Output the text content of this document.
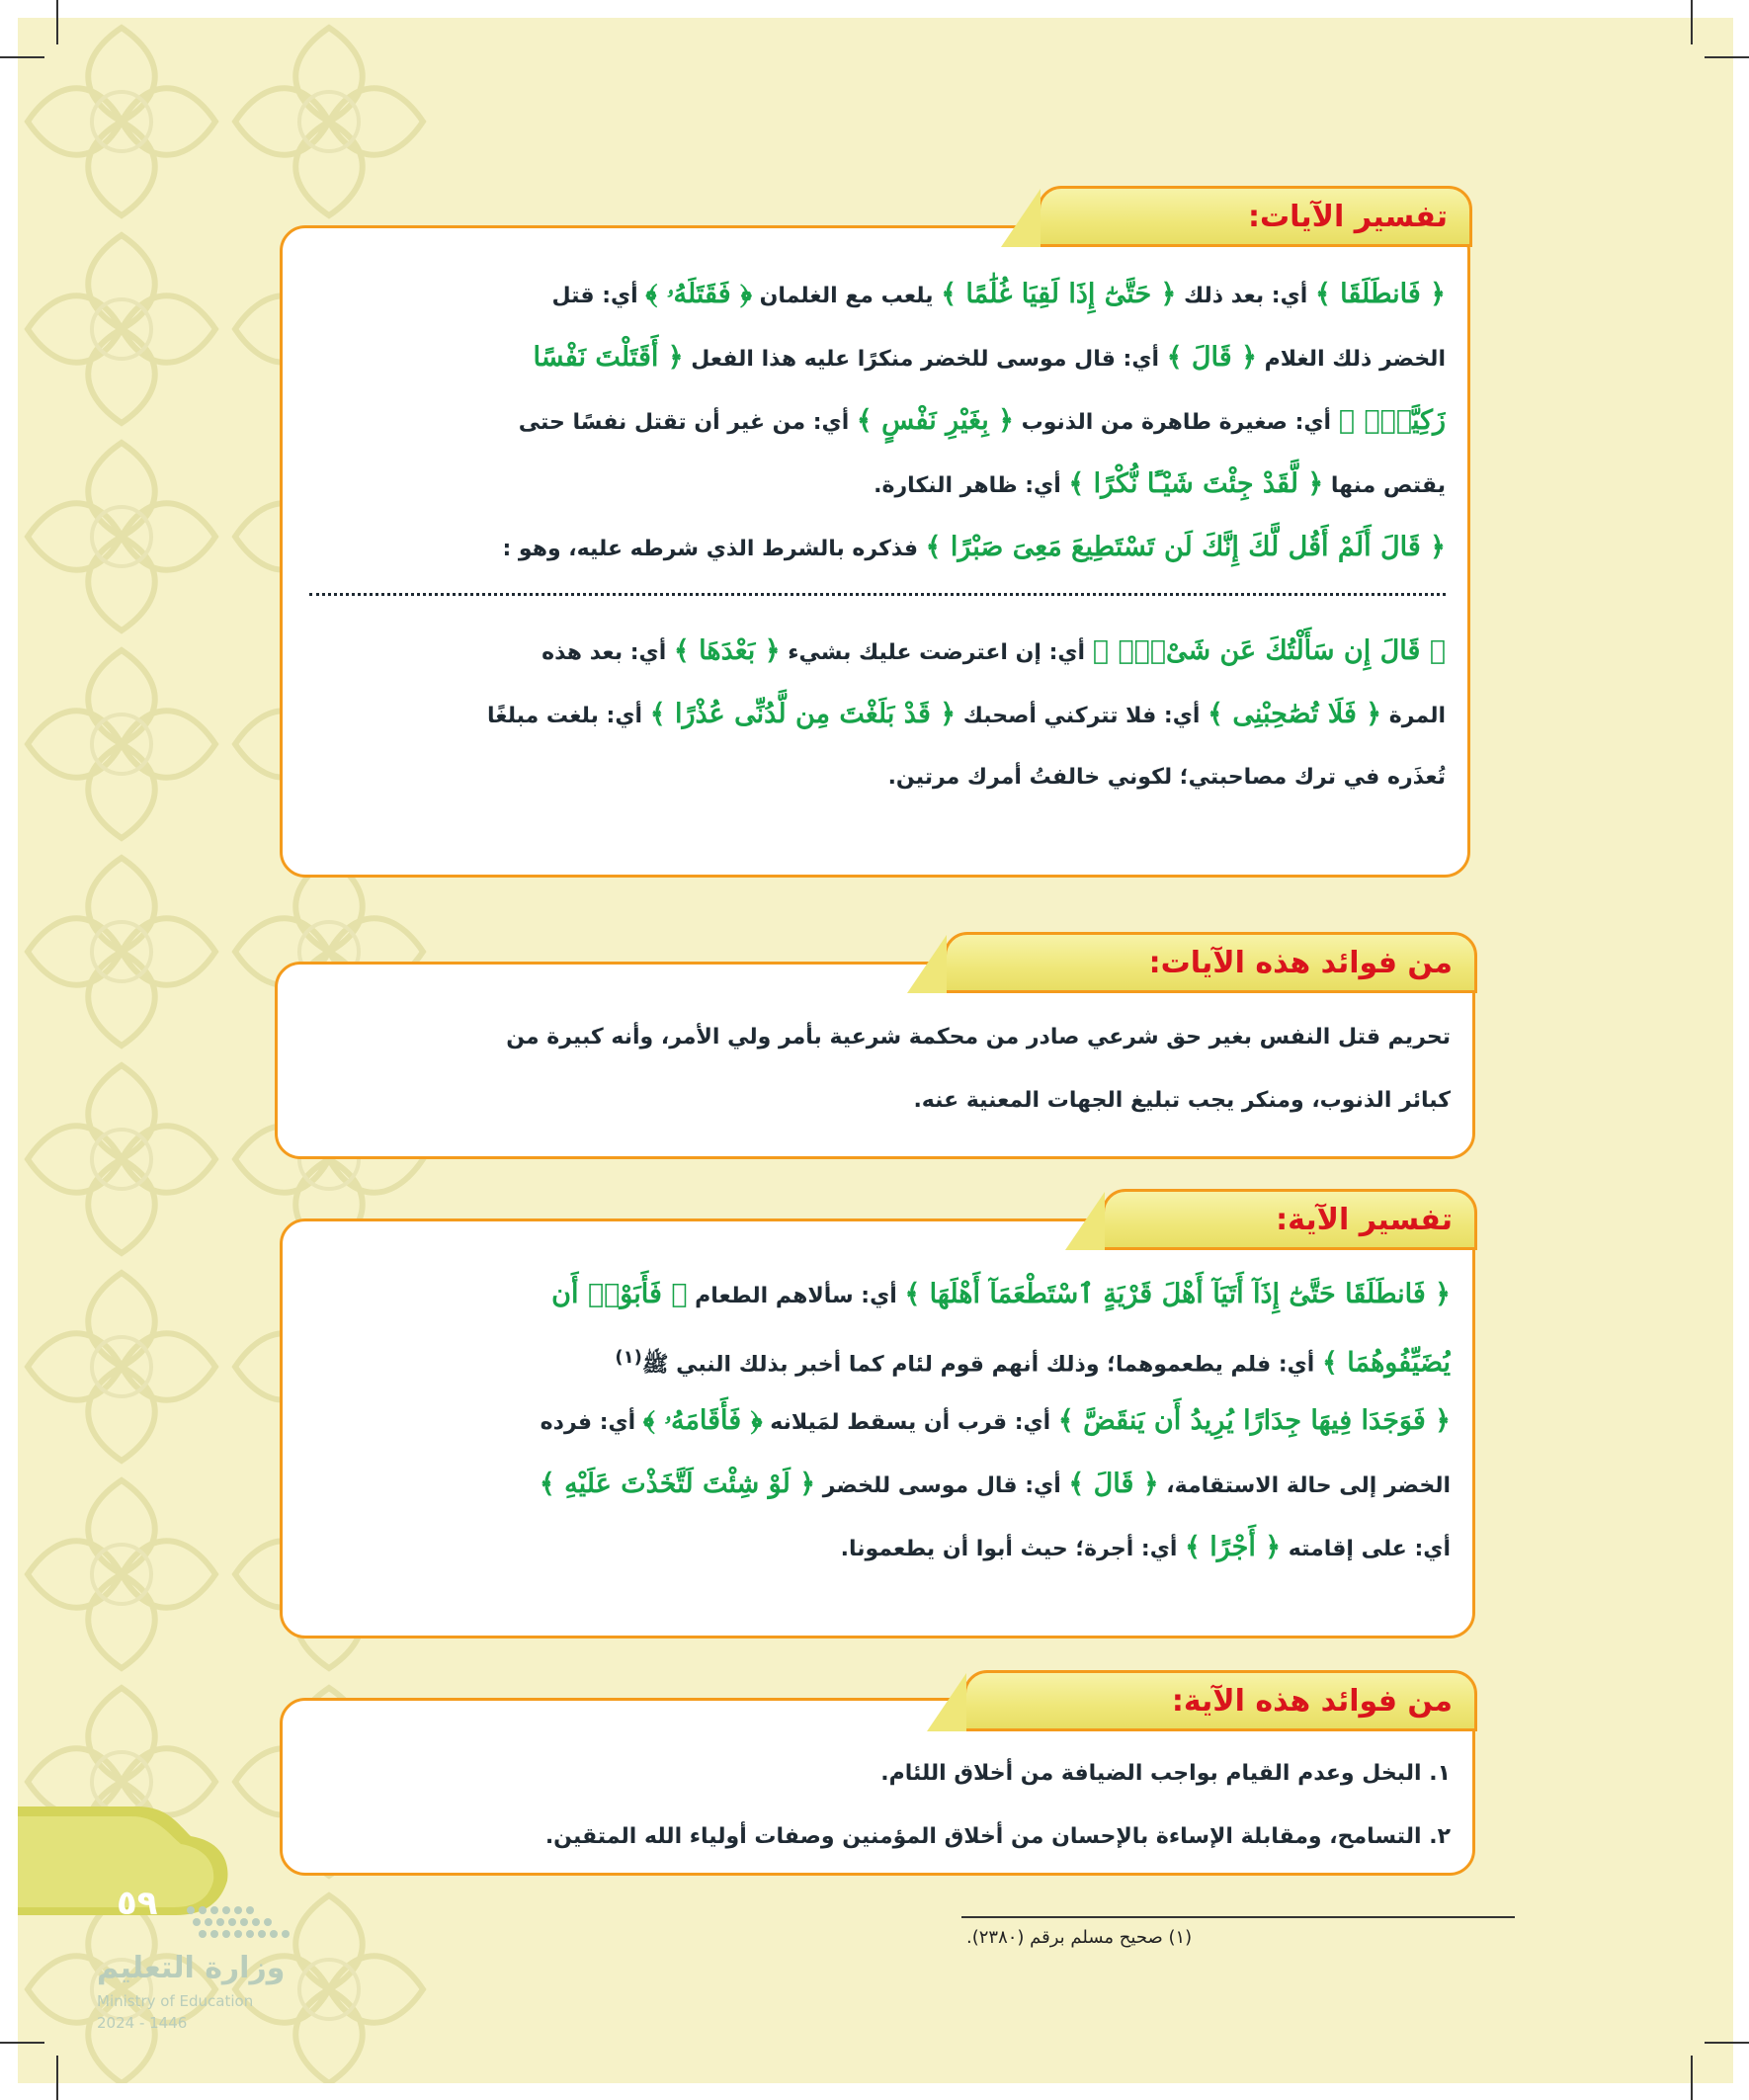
تفسير الآيات:
﴿ فَانطَلَقَا ﴾ أي: بعد ذلك ﴿ حَتَّىٰٓ إِذَا لَقِيَا غُلَٰمًا ﴾ يلعب مع الغلمان ﴿ فَقَتَلَهُۥ ﴾ أي: قتل
الخضر ذلك الغلام ﴿ قَالَ ﴾ أي: قال موسى للخضر منكرًا عليه هذا الفعل ﴿ أَقَتَلْتَ نَفْسًا
زَكِيَّةًۢ ﴾ أي: صغيرة طاهرة من الذنوب ﴿ بِغَيْرِ نَفْسٍ ﴾ أي: من غير أن تقتل نفسًا حتى
يقتص منها ﴿ لَّقَدْ جِئْتَ شَيْـًٔا نُّكْرًا ﴾ أي: ظاهر النكارة.
﴿ قَالَ أَلَمْ أَقُل لَّكَ إِنَّكَ لَن تَسْتَطِيعَ مَعِىَ صَبْرًا ﴾ فذكره بالشرط الذي شرطه عليه، وهو :
﴿ قَالَ إِن سَأَلْتُكَ عَن شَىْءٍۭ ﴾ أي: إن اعترضت عليك بشيء ﴿ بَعْدَهَا ﴾ أي: بعد هذه
المرة ﴿ فَلَا تُصَٰحِبْنِى ﴾ أي: فلا تتركني أصحبك ﴿ قَدْ بَلَغْتَ مِن لَّدُنِّى عُذْرًا ﴾ أي: بلغت مبلغًا
تُعذَره في ترك مصاحبتي؛ لكوني خالفتُ أمرك مرتين.
من فوائد هذه الآيات:
تحريم قتل النفس بغير حق شرعي صادر من محكمة شرعية بأمر ولي الأمر، وأنه كبيرة من
كبائر الذنوب، ومنكر يجب تبليغ الجهات المعنية عنه.
تفسير الآية:
﴿ فَانطَلَقَا حَتَّىٰٓ إِذَآ أَتَيَآ أَهْلَ قَرْيَةٍ ٱسْتَطْعَمَآ أَهْلَهَا ﴾ أي: سألاهم الطعام ﴿ فَأَبَوْا۟ أَن
يُضَيِّفُوهُمَا ﴾ أي: فلم يطعموهما؛ وذلك أنهم قوم لئام كما أخبر بذلك النبي ﷺ$^{(١)}$
﴿ فَوَجَدَا فِيهَا جِدَارًا يُرِيدُ أَن يَنقَضَّ ﴾ أي: قرب أن يسقط لمَيلانه ﴿ فَأَقَامَهُۥ ﴾ أي: فرده
الخضر إلى حالة الاستقامة، ﴿ قَالَ ﴾ أي: قال موسى للخضر ﴿ لَوْ شِئْتَ لَتَّخَذْتَ عَلَيْهِ ﴾
أي: على إقامته ﴿ أَجْرًا ﴾ أي: أجرة؛ حيث أبوا أن يطعمونا.
من فوائد هذه الآية:
١. البخل وعدم القيام بواجب الضيافة من أخلاق اللئام.
٢. التسامح، ومقابلة الإساءة بالإحسان من أخلاق المؤمنين وصفات أولياء الله المتقين.
٥٩
وزارة التعليم
Ministry of Education
2024 - 1446
(١) صحيح مسلم برقم (٢٣٨٠).
